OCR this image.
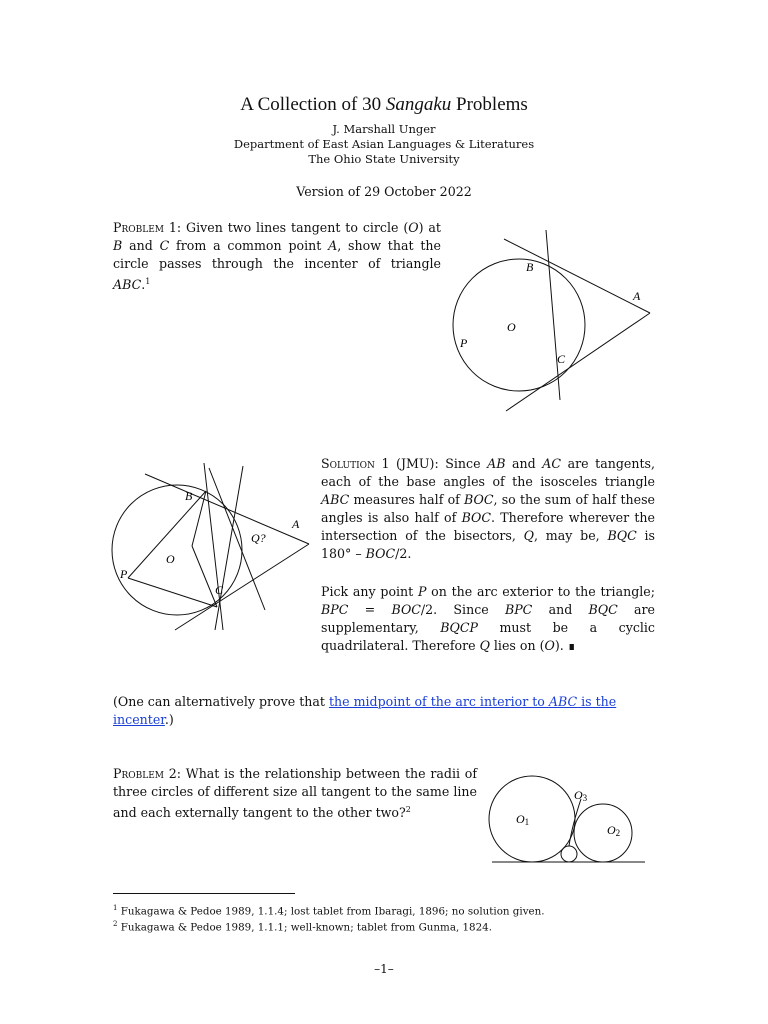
A Collection of 30 Sangaku Problems
J. Marshall Unger
Department of East Asian Languages & Literatures
The Ohio State University
Version of 29 October 2022
Problem 1: Given two lines tangent to circle (O) at B and C from a common point A, show that the circle passes through the incenter of triangle ABC.$^1$
B
A
O
P
C
B
A
O
Q?
P
C
Solution 1 (JMU): Since AB and AC are tangents, each of the base angles of the isosceles triangle ABC measures half of BOC, so the sum of half these angles is also half of BOC. Therefore wherever the intersection of the bisectors, Q, may be, BQC is 180° – BOC/2.
Pick any point P on the arc exterior to the triangle; BPC = BOC/2. Since BPC and BQC are supplementary, BQCP must be a cyclic quadrilateral. Therefore Q lies on (O). ∎
(One can alternatively prove that the midpoint of the arc interior to ABC is the
incenter.)
Problem 2: What is the relationship between the radii of three circles of different size all tangent to the same line and each externally tangent to the other two?$^2$
O1
O2
O3
$^1$ Fukagawa & Pedoe 1989, 1.1.4; lost tablet from Ibaragi, 1896; no solution given.
$^2$ Fukagawa & Pedoe 1989, 1.1.1; well-known; tablet from Gunma, 1824.
–1–
